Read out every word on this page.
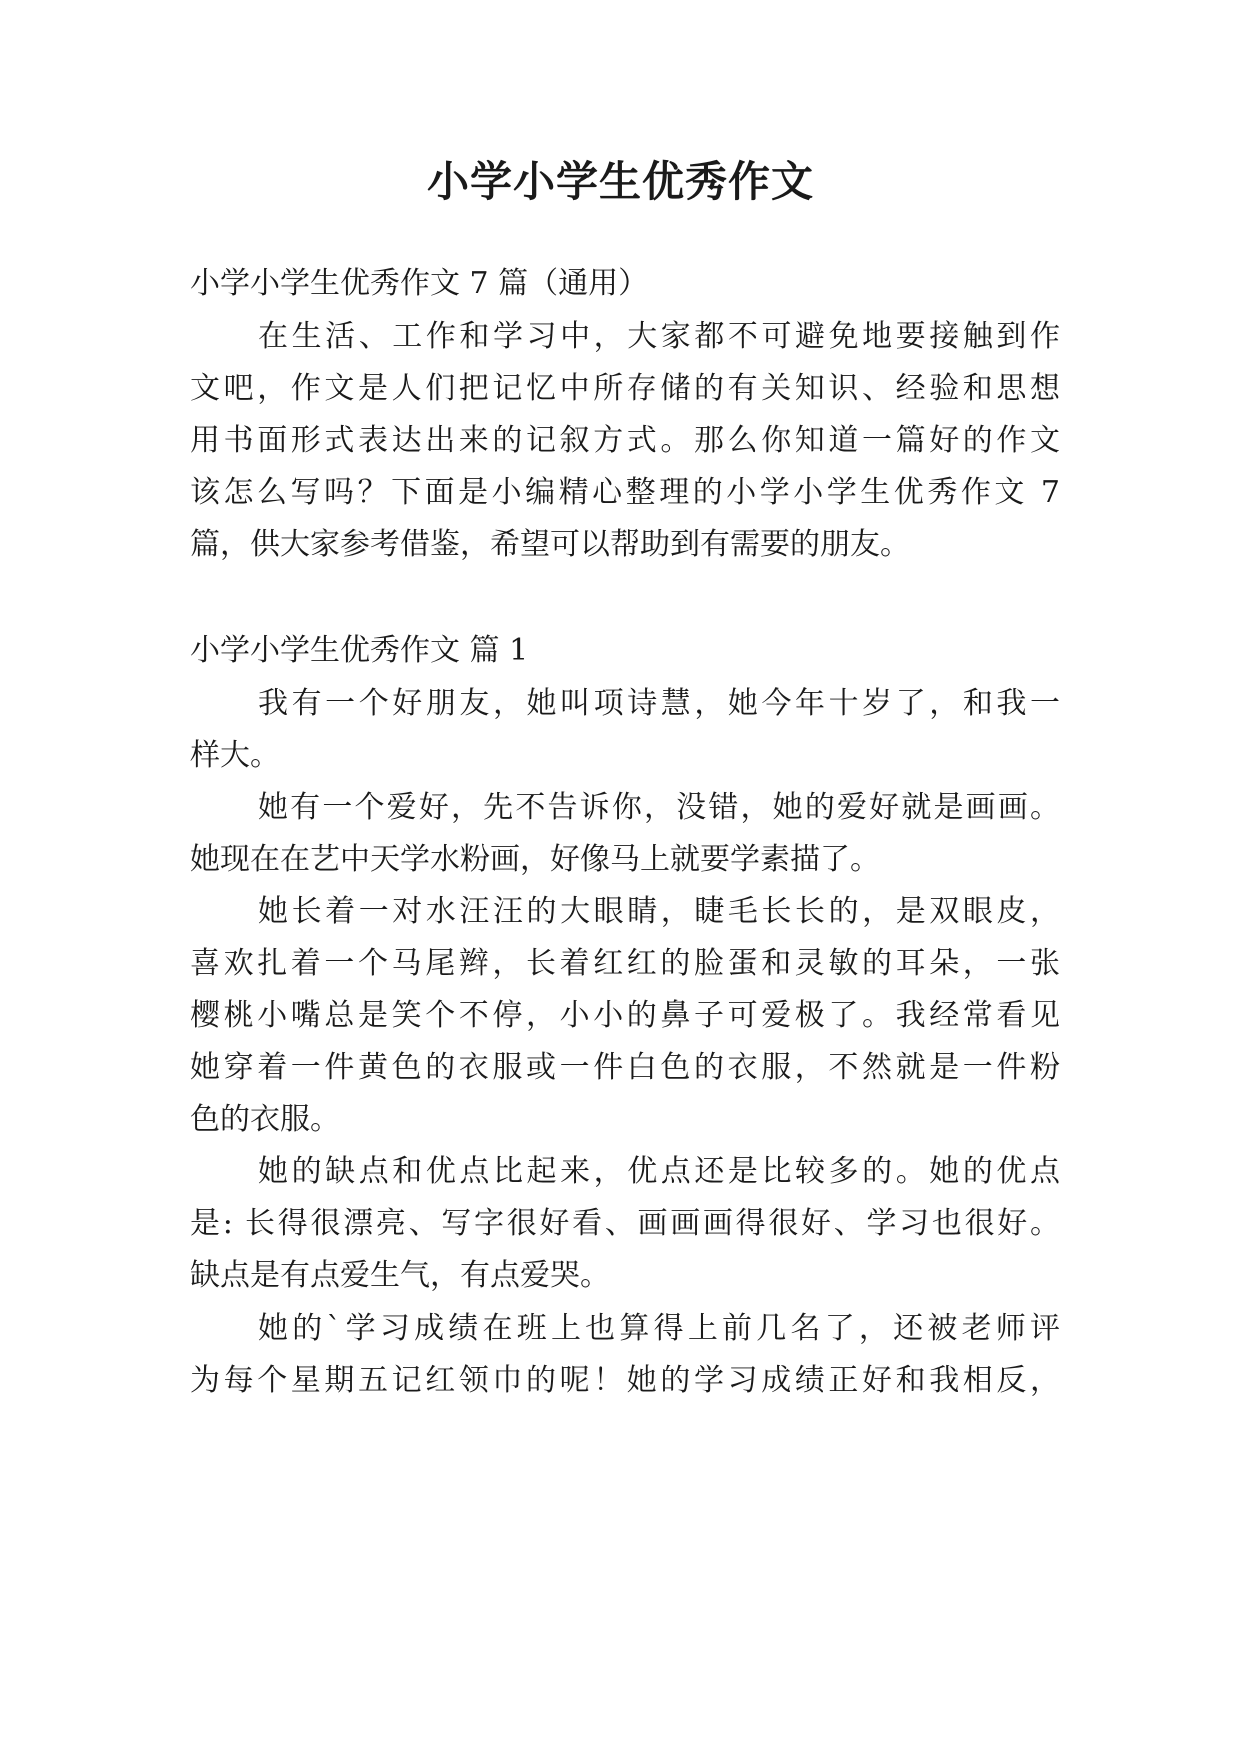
小学小学生优秀作文

小学小学生优秀作文 7 篇（通用）

在生活、工作和学习中，大家都不可避免地要接触到作

文吧，作文是人们把记忆中所存储的有关知识、经验和思想

用书面形式表达出来的记叙方式。那么你知道一篇好的作文

该怎么写吗？下面是小编精心整理的小学小学生优秀作文 7

篇，供大家参考借鉴，希望可以帮助到有需要的朋友。

小学小学生优秀作文 篇 1

我有一个好朋友，她叫项诗慧，她今年十岁了，和我一

样大。

她有一个爱好，先不告诉你，没错，她的爱好就是画画。

她现在在艺中天学水粉画，好像马上就要学素描了。

她长着一对水汪汪的大眼睛，睫毛长长的，是双眼皮，

喜欢扎着一个马尾辫，长着红红的脸蛋和灵敏的耳朵，一张

樱桃小嘴总是笑个不停，小小的鼻子可爱极了。我经常看见

她穿着一件黄色的衣服或一件白色的衣服，不然就是一件粉

色的衣服。

她的缺点和优点比起来，优点还是比较多的。她的优点

是: 长得很漂亮、写字很好看、画画画得很好、学习也很好。

缺点是有点爱生气，有点爱哭。

她的`学习成绩在班上也算得上前几名了，还被老师评

为每个星期五记红领巾的呢！她的学习成绩正好和我相反，
